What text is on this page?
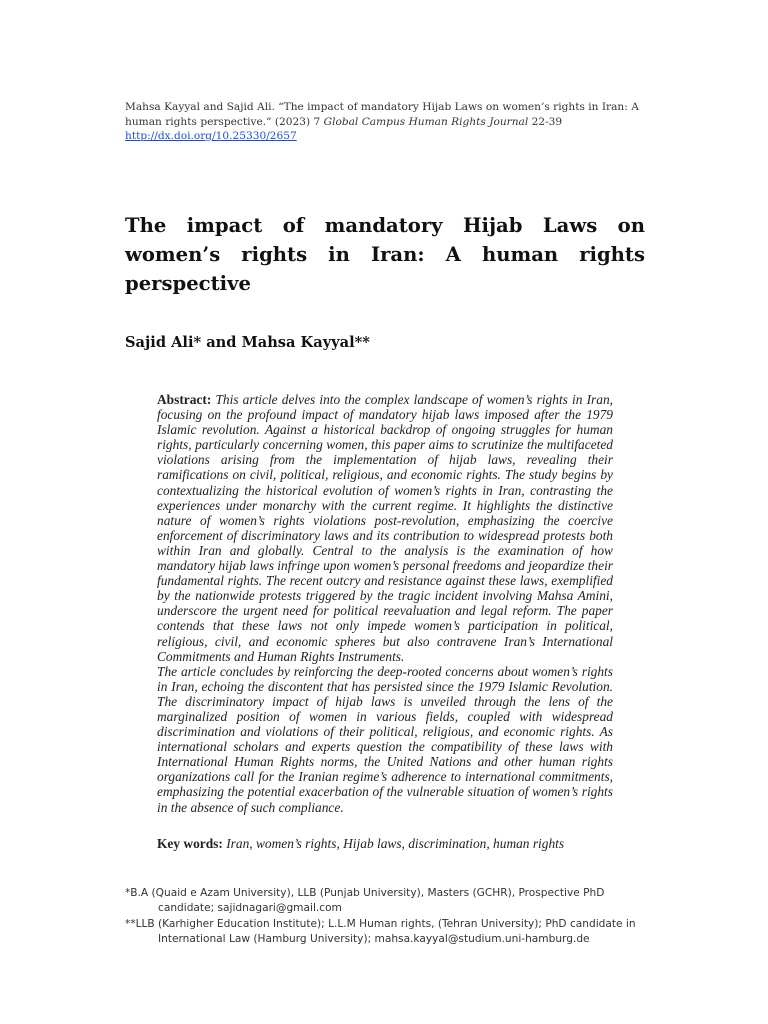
Mahsa Kayyal and Sajid Ali. “The impact of mandatory Hijab Laws on women’s rights in Iran: A human rights perspective.” (2023) 7 Global Campus Human Rights Journal 22-39
http://dx.doi.org/10.25330/2657
The impact of mandatory Hijab Laws on women’s rights in Iran: A human rights perspective
Sajid Ali* and Mahsa Kayyal**

Abstract: This article delves into the complex landscape of women’s rights in Iran, focusing on the profound impact of mandatory hijab laws imposed after the 1979 Islamic revolution. Against a historical backdrop of ongoing struggles for human rights, particularly concerning women, this paper aims to scrutinize the multifaceted violations arising from the implementation of hijab laws, revealing their ramifications on civil, political, religious, and economic rights. The study begins by contextualizing the historical evolution of women’s rights in Iran, contrasting the experiences under monarchy with the current regime. It highlights the distinctive nature of women’s rights violations post-revolution, emphasizing the coercive enforcement of discriminatory laws and its contribution to widespread protests both within Iran and globally. Central to the analysis is the examination of how mandatory hijab laws infringe upon women’s personal freedoms and jeopardize their fundamental rights. The recent outcry and resistance against these laws, exemplified by the nationwide protests triggered by the tragic incident involving Mahsa Amini, underscore the urgent need for political reevaluation and legal reform. The paper contends that these laws not only impede women’s participation in political, religious, civil, and economic spheres but also contravene Iran’s International Commitments and Human Rights Instruments.

The article concludes by reinforcing the deep-rooted concerns about women’s rights in Iran, echoing the discontent that has persisted since the 1979 Islamic Revolution. The discriminatory impact of hijab laws is unveiled through the lens of the marginalized position of women in various fields, coupled with widespread discrimination and violations of their political, religious, and economic rights. As international scholars and experts question the compatibility of these laws with International Human Rights norms, the United Nations and other human rights organizations call for the Iranian regime’s adherence to international commitments, emphasizing the potential exacerbation of the vulnerable situation of women’s rights in the absence of such compliance.

Key words: Iran, women’s rights, Hijab laws, discrimination, human rights

*B.A (Quaid e Azam University), LLB (Punjab University), Masters (GCHR), Prospective PhD candidate; sajidnagari@gmail.com

**LLB (Karhigher Education Institute); L.L.M Human rights, (Tehran University); PhD candidate in International Law (Hamburg University); mahsa.kayyal@studium.uni-hamburg.de
